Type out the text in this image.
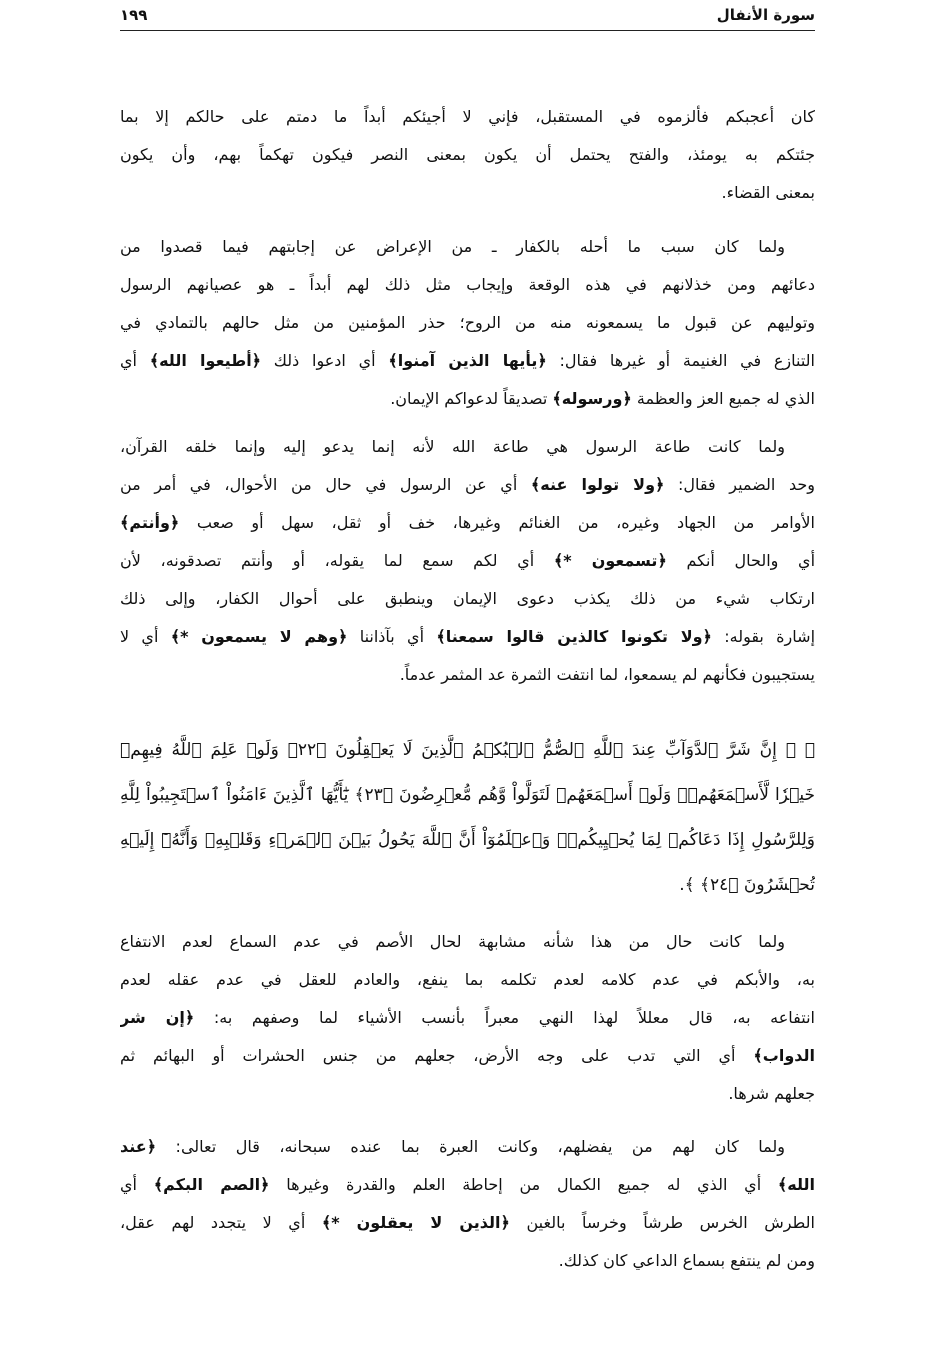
سورة الأنفال
١٩٩
كان أعجبكم فألزموه في المستقبل، فإني لا أجيئكم أبداً ما دمتم على حالكم إلا بما
جئتكم به يومئذ، والفتح يحتمل أن يكون بمعنى النصر فيكون تهكماً بهم، وأن يكون
بمعنى القضاء.
ولما كان سبب ما أحله بالكفار ـ من الإعراض عن إجابتهم فيما قصدوا من
دعائهم ومن خذلانهم في هذه الوقعة وإيجاب مثل ذلك لهم أبداً ـ هو عصيانهم الرسول
وتوليهم عن قبول ما يسمعونه منه من الروح؛ حذر المؤمنين من مثل حالهم بالتمادي في
التنازع في الغنيمة أو غيرها فقال: ﴿يأيها الذين آمنوا﴾ أي ادعوا ذلك ﴿أطيعوا الله﴾ أي
الذي له جميع العز والعظمة ﴿ورسوله﴾ تصديقاً لدعواكم الإيمان.
ولما كانت طاعة الرسول هي طاعة الله لأنه إنما يدعو إليه وإنما خلقه القرآن،
وحد الضمير فقال: ﴿ولا تولوا عنه﴾ أي عن الرسول في حال من الأحوال، في أمر من
الأوامر من الجهاد وغيره، من الغنائم وغيرها، خف أو ثقل، سهل أو صعب ﴿وأنتم﴾
أي والحال أنكم ﴿تسمعون *﴾ أي لكم سمع لما يقوله، أو وأنتم تصدقونه، لأن
ارتكاب شيء من ذلك يكذب دعوى الإيمان وينطبق على أحوال الكفار، وإلى ذلك
إشارة بقوله: ﴿ولا تكونوا كالذين قالوا سمعنا﴾ أي بآذاننا ﴿وهم لا يسمعون *﴾ أي لا
يستجيبون فكأنهم لم يسمعوا، لما انتفت الثمرة عد المثمر عدماً.
﴿ ۞ إِنَّ شَرَّ ٱلدَّوَآبِّ عِندَ ٱللَّهِ ٱلصُّمُّ ٱلۡبُكۡمُ ٱلَّذِينَ لَا يَعۡقِلُونَ ﴿٢٢﴾ وَلَوۡ عَلِمَ ٱللَّهُ فِيهِمۡ
خَيۡرٗا لَّأَسۡمَعَهُمۡۖ وَلَوۡ أَسۡمَعَهُمۡ لَتَوَلَّواْ وَّهُم مُّعۡرِضُونَ ﴿٢٣﴾ يَٰٓأَيُّهَا ٱلَّذِينَ ءَامَنُواْ ٱسۡتَجِيبُواْ لِلَّهِ
وَلِلرَّسُولِ إِذَا دَعَاكُمۡ لِمَا يُحۡيِيكُمۡۖ وَٱعۡلَمُوٓاْ أَنَّ ٱللَّهَ يَحُولُ بَيۡنَ ٱلۡمَرۡءِ وَقَلۡبِهِۦ وَأَنَّهُۥٓ إِلَيۡهِ
تُحۡشَرُونَ ﴿٢٤﴾ ﴾.
ولما كانت حال من هذا شأنه مشابهة لحال الأصم في عدم السماع لعدم الانتفاع
به، والأبكم في عدم كلامه لعدم تكلمه بما ينفع، والعادم للعقل في عدم عقله لعدم
انتفاعه به، قال معللاً لهذا النهي معبراً بأنسب الأشياء لما وصفهم به: ﴿إن شر
الدواب﴾ أي التي تدب على وجه الأرض، جعلهم من جنس الحشرات أو البهائم ثم
جعلهم شرها.
ولما كان لهم من يفضلهم، وكانت العبرة بما عنده سبحانه، قال تعالى: ﴿عند
الله﴾ أي الذي له جميع الكمال من إحاطة العلم والقدرة وغيرها ﴿الصم البكم﴾ أي
الطرش الخرس طرشاً وخرساً بالغين ﴿الذين لا يعقلون *﴾ أي لا يتجدد لهم عقل،
ومن لم ينتفع بسماع الداعي كان كذلك.
